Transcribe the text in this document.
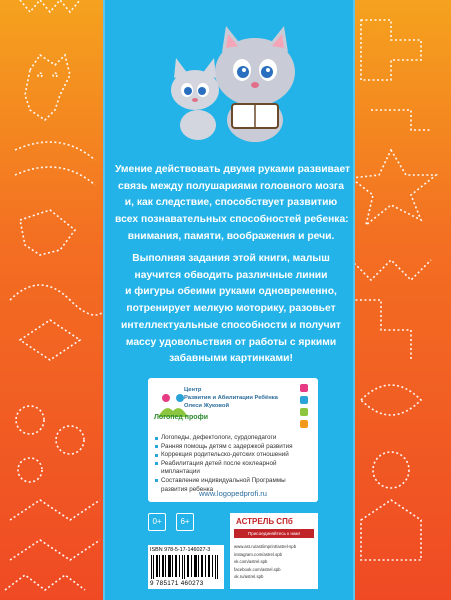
Умение действовать двумя руками развивает
связь между полушариями головного мозга
и, как следствие, способствует развитию
всех познавательных способностей ребенка:
внимания, памяти, воображения и речи.
Выполняя задания этой книги, малыш
научится обводить различные линии
и фигуры обеими руками одновременно,
потренирует мелкую моторику, разовьет
интеллектуальные способности и получит
массу удовольствия от работы с яркими
забавными картинками!
Логопед профи
Центр
Развития и Абилитации Ребёнка
Олеси Жуковой
Логопеды, дефектологи, сурдопедагоги
Ранняя помощь детям с задержкой развития
Коррекция родительско-детских отношений
Реабилитация детей после кохлеарной имплантации
Составление индивидуальной Программы развития ребенка
www.logopedprofi.ru
0+	6+
ISBN 978-5-17-146027-3
9 785171 460273
АСТРЕЛЬ СПб
Присоединяйтесь к нам!
www.ast.ru/ast/imprint/astrel-spb
instagram.com/astrel.spb
vk.com/astrel.spb
facebook.com/astrel.spb
ok.ru/astrel.spb
